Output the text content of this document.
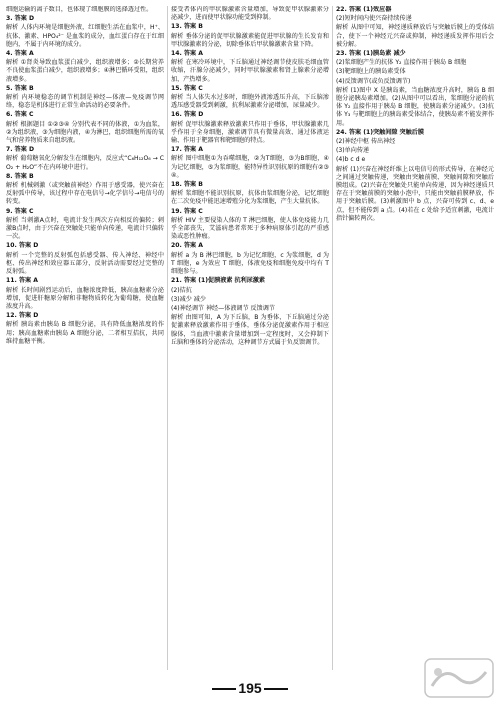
细胞运输的离子数目，也体现了细胞膜的选择透过性。

3. 答案 D

解析 人体内环境是细胞外液，红细胞生活在血浆中，H⁺、抗体、激素、HPO₄²⁻ 是血浆的成分，血红蛋白存在于红细胞内，不属于内环境的成分。

4. 答案 A

解析 ①肾炎导致血浆蛋白减少，组织液增多；②长期营养不良使血浆蛋白减少，组织液增多；④淋巴循环受阻，组织液增多。

5. 答案 B

解析 内环境稳态的调节机制是神经—体液—免疫调节网络，稳态是机体进行正常生命活动的必要条件。

6. 答案 C

解析 根据题目 ①②③④ 分别代表不同的体液，①为血浆，②为组织液，③为细胞内液，④为淋巴，组织细胞所需的氧气和营养物质来自组织液。

7. 答案 D

解析 葡萄糖氧化分解发生在细胞内，反应式“C₆H₁₂O₆ → CO₂ + H₂O”不在内环境中进行。

8. 答案 B

解析 机械刺激（或突触前神经）作用于感受器，使兴奋在反射弧中传导，该过程中存在电信号→化学信号→电信号的转变。

9. 答案 C

解析 当刺激A点时，电流计发生两次方向相反的偏转；刺激B点时，由于兴奋在突触处只能单向传递，电流计只偏转一次。

10. 答案 D

解析 一个完整的反射弧包括感受器、传入神经、神经中枢、传出神经和效应器五部分，反射活动需要经过完整的反射弧。

11. 答案 A

解析 长时间剧烈运动后，血糖浓度降低，胰高血糖素分泌增加，促进肝糖原分解和非糖物质转化为葡萄糖，使血糖浓度升高。

12. 答案 D

解析 胰岛素由胰岛 B 细胞分泌，具有降低血糖浓度的作用；胰高血糖素由胰岛 A 细胞分泌，二者相互拮抗，共同维持血糖平衡。

接受者体内的甲状腺激素含量增加，导致促甲状腺激素分泌减少，进而使甲状腺功能受到抑制。

13. 答案 B

解析 垂体分泌的促甲状腺激素能促进甲状腺的生长发育和甲状腺激素的分泌，切除垂体后甲状腺激素含量下降。

14. 答案 A

解析 在寒冷环境中，下丘脑通过神经调节使皮肤毛细血管收缩，汗腺分泌减少，同时甲状腺激素和肾上腺素分泌增加，产热增多。

15. 答案 C

解析 当人体失水过多时，细胞外液渗透压升高，下丘脑渗透压感受器受到刺激，抗利尿激素分泌增加，尿量减少。

16. 答案 D

解析 促甲状腺激素释放激素只作用于垂体，甲状腺激素几乎作用于全身细胞，激素调节具有微量高效、通过体液运输、作用于靶器官和靶细胞的特点。

17. 答案 A

解析 图中细胞①为吞噬细胞，②为T细胞，③为B细胞，④为记忆细胞，⑤为浆细胞，能特异性识别抗原的细胞有②③④。

18. 答案 B

解析 浆细胞不能识别抗原，抗体由浆细胞分泌，记忆细胞在二次免疫中能迅速增殖分化为浆细胞，产生大量抗体。

19. 答案 C

解析 HIV 主要侵染人体的 T 淋巴细胞，使人体免疫能力几乎全部丧失，艾滋病患者常死于多种病原体引起的严重感染或恶性肿瘤。

20. 答案 A

解析 a 为 B 淋巴细胞，b 为记忆细胞，c 为浆细胞，d 为 T 细胞，e 为效应 T 细胞，体液免疫和细胞免疫中均有 T 细胞参与。

21. 答案 (1)促胰液素 抗利尿激素

(2)拮抗

(3)减少 减少

(4)神经调节 神经—体液调节 反馈调节

解析 由图可知，A 为下丘脑，B 为垂体，下丘脑通过分泌促激素释放激素作用于垂体，垂体分泌促激素作用于相应腺体，当血液中激素含量增加到一定程度时，又会抑制下丘脑和垂体的分泌活动，这种调节方式属于负反馈调节。

22. 答案 (1)效应器

(2)短时间内使兴奋持续传递

解析 从图中可知，神经递质释放后与突触后膜上的受体结合，使下一个神经元兴奋或抑制，神经递质发挥作用后会被分解。

23. 答案 (1)胰岛素 减少

(2)浆细胞产生的抗体 Y₂ 直接作用于胰岛 B 细胞

(3)靶细胞上的胰岛素受体

(4)反馈调节(或负反馈调节)

解析 (1)图中 X 是胰岛素，当血糖浓度升高时，胰岛 B 细胞分泌胰岛素增加。(2)从图中可以看出，浆细胞分泌的抗体 Y₂ 直接作用于胰岛 B 细胞，使胰岛素分泌减少。(3)抗体 Y₃ 与靶细胞上的胰岛素受体结合，使胰岛素不能发挥作用。

24. 答案 (1)突触间隙 突触后膜

(2)神经中枢 传出神经

(3)单向传递

(4)b c d e

解析 (1)兴奋在神经纤维上以电信号的形式传导，在神经元之间通过突触传递，突触由突触前膜、突触间隙和突触后膜组成。(2)兴奋在突触处只能单向传递，因为神经递质只存在于突触前膜的突触小泡中，只能由突触前膜释放，作用于突触后膜。(3)刺激图中 b 点，兴奋可传到 c、d、e 点，但不能传到 a 点。(4)若在 c 处给予适宜刺激，电流计指针偏转两次。

195
